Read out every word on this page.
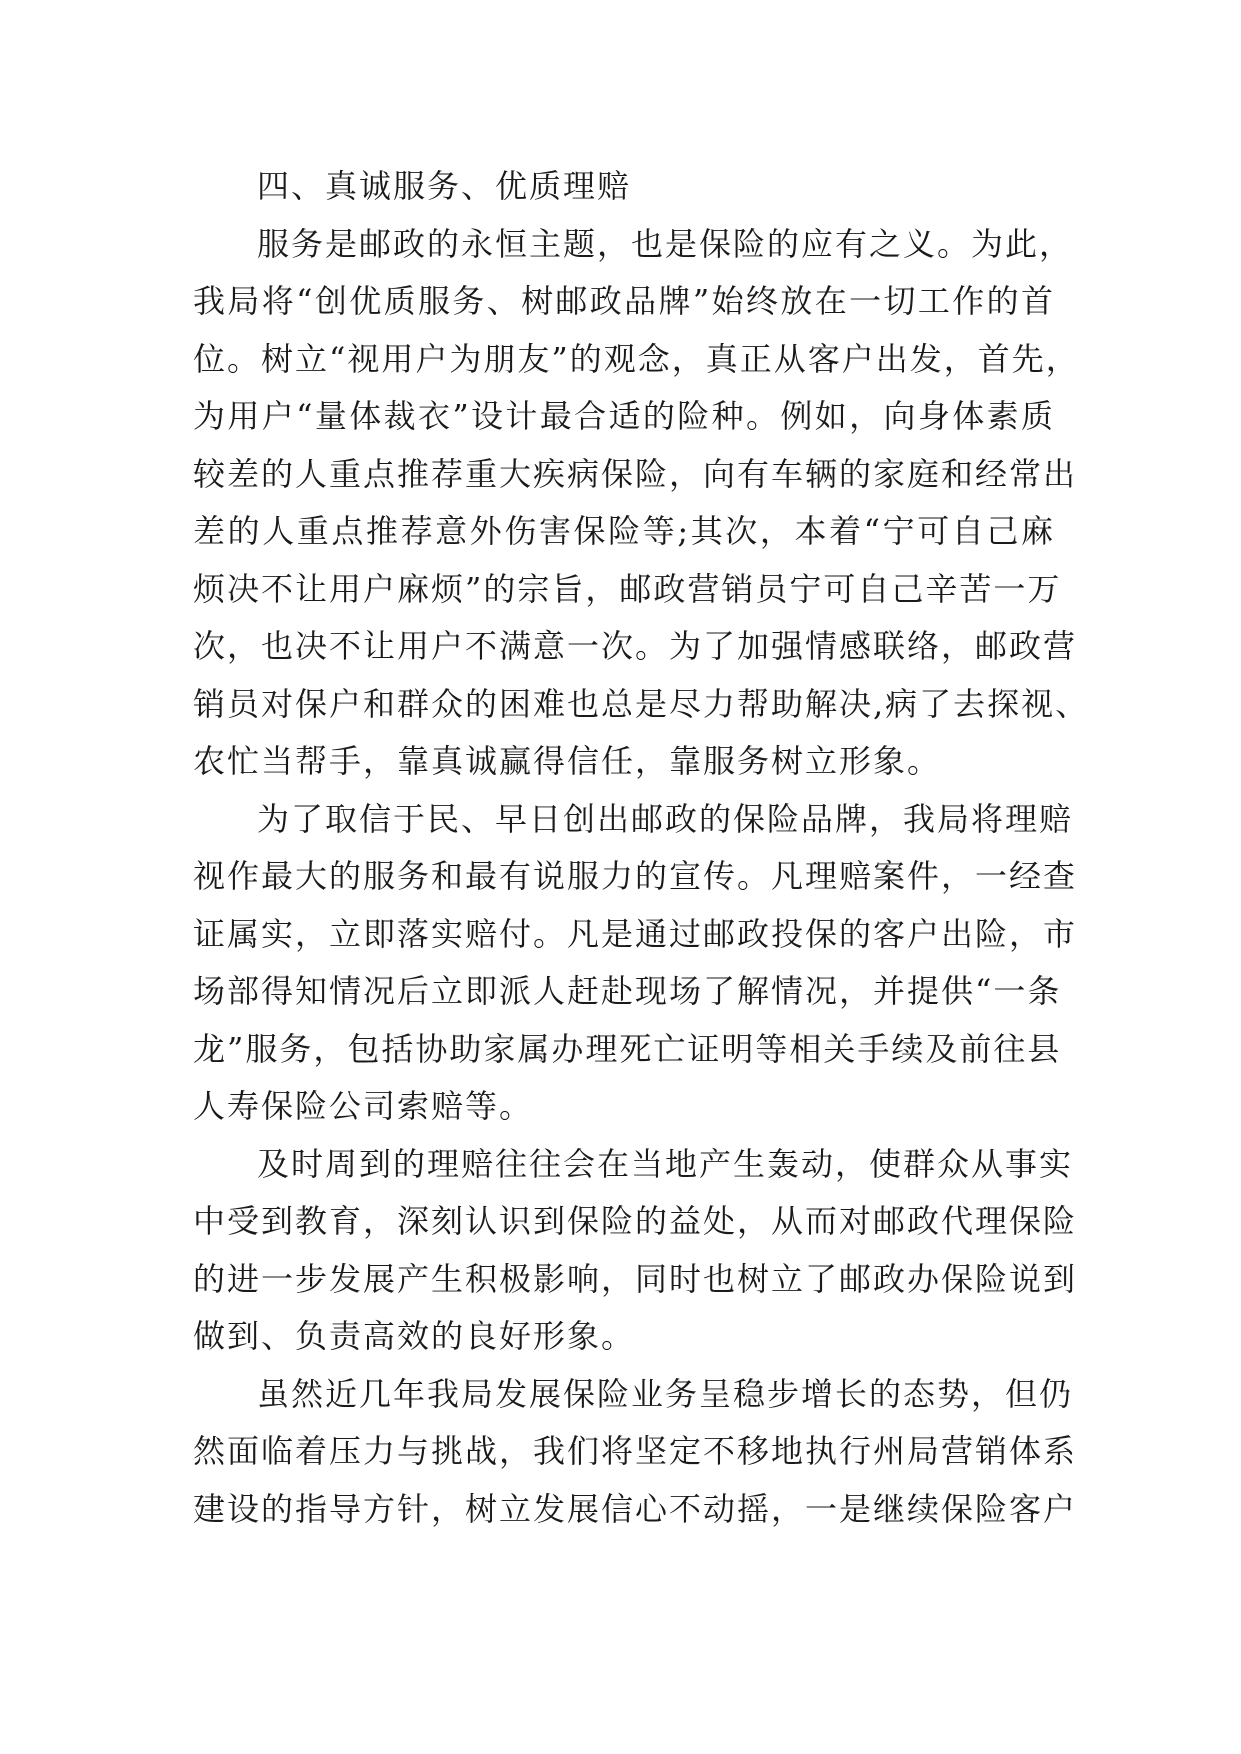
四、真诚服务、优质理赔
服务是邮政的永恒主题，也是保险的应有之义。为此，
我局将“创优质服务、树邮政品牌”始终放在一切工作的首
位。树立“视用户为朋友”的观念，真正从客户出发，首先，
为用户“量体裁衣”设计最合适的险种。例如，向身体素质
较差的人重点推荐重大疾病保险，向有车辆的家庭和经常出
差的人重点推荐意外伤害保险等;其次，本着“宁可自己麻
烦决不让用户麻烦”的宗旨，邮政营销员宁可自己辛苦一万
次，也决不让用户不满意一次。为了加强情感联络，邮政营
销员对保户和群众的困难也总是尽力帮助解决,病了去探视、
农忙当帮手，靠真诚赢得信任，靠服务树立形象。
为了取信于民、早日创出邮政的保险品牌，我局将理赔
视作最大的服务和最有说服力的宣传。凡理赔案件，一经查
证属实，立即落实赔付。凡是通过邮政投保的客户出险，市
场部得知情况后立即派人赶赴现场了解情况，并提供“一条
龙”服务，包括协助家属办理死亡证明等相关手续及前往县
人寿保险公司索赔等。
及时周到的理赔往往会在当地产生轰动，使群众从事实
中受到教育，深刻认识到保险的益处，从而对邮政代理保险
的进一步发展产生积极影响，同时也树立了邮政办保险说到
做到、负责高效的良好形象。
虽然近几年我局发展保险业务呈稳步增长的态势，但仍
然面临着压力与挑战，我们将坚定不移地执行州局营销体系
建设的指导方针，树立发展信心不动摇，一是继续保险客户
